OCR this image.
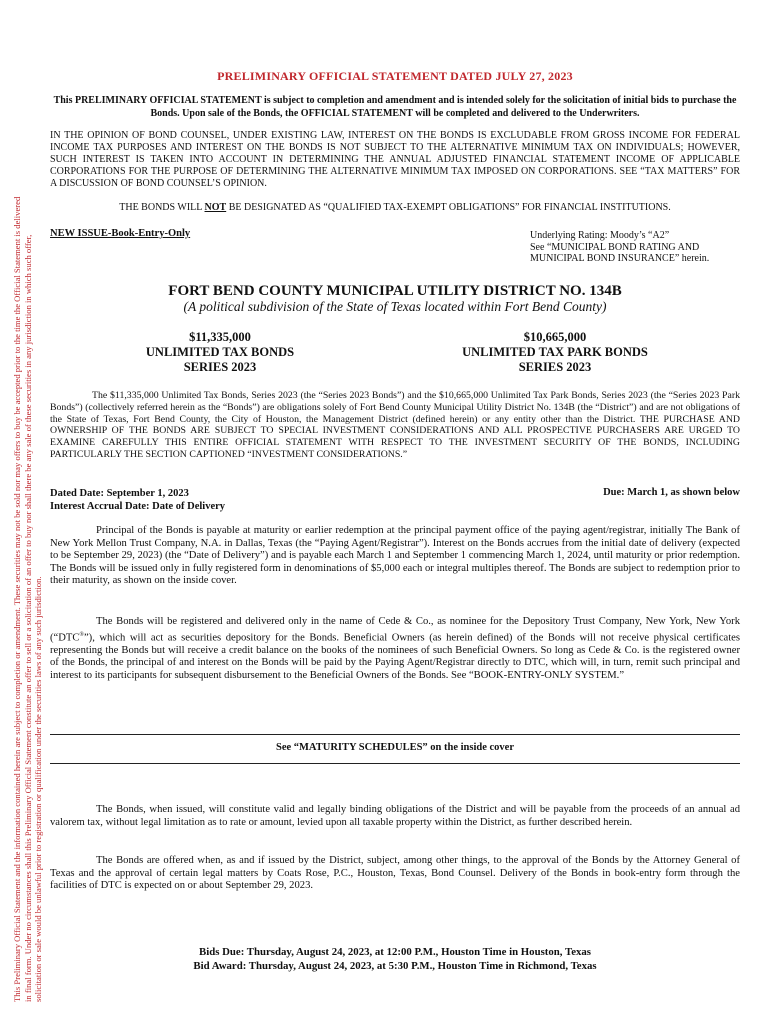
This Preliminary Official Statement and the information contained herein are subject to completion or amendment. These securities may not be sold nor may offers to buy be accepted prior to the time the Official Statement is delivered in final form. Under no circumstances shall this Preliminary Official Statement constitute an offer to sell or a solicitation of an offer to buy nor shall there be any sale of these securities in any jurisdiction in which such offer, solicitation or sale would be unlawful prior to registration or qualification under the securities laws of any such jurisdiction.
PRELIMINARY OFFICIAL STATEMENT DATED JULY 27, 2023
This PRELIMINARY OFFICIAL STATEMENT is subject to completion and amendment and is intended solely for the solicitation of initial bids to purchase the Bonds. Upon sale of the Bonds, the OFFICIAL STATEMENT will be completed and delivered to the Underwriters.
IN THE OPINION OF BOND COUNSEL, UNDER EXISTING LAW, INTEREST ON THE BONDS IS EXCLUDABLE FROM GROSS INCOME FOR FEDERAL INCOME TAX PURPOSES AND INTEREST ON THE BONDS IS NOT SUBJECT TO THE ALTERNATIVE MINIMUM TAX ON INDIVIDUALS; HOWEVER, SUCH INTEREST IS TAKEN INTO ACCOUNT IN DETERMINING THE ANNUAL ADJUSTED FINANCIAL STATEMENT INCOME OF APPLICABLE CORPORATIONS FOR THE PURPOSE OF DETERMINING THE ALTERNATIVE MINIMUM TAX IMPOSED ON CORPORATIONS. SEE “TAX MATTERS” FOR A DISCUSSION OF BOND COUNSEL’S OPINION.
THE BONDS WILL NOT BE DESIGNATED AS “QUALIFIED TAX-EXEMPT OBLIGATIONS” FOR FINANCIAL INSTITUTIONS.
NEW ISSUE-Book-Entry-Only	Underlying Rating: Moody’s “A2”
See “MUNICIPAL BOND RATING AND
MUNICIPAL BOND INSURANCE” herein.
FORT BEND COUNTY MUNICIPAL UTILITY DISTRICT NO. 134B
(A political subdivision of the State of Texas located within Fort Bend County)
$11,335,000
UNLIMITED TAX BONDS
SERIES 2023
$10,665,000
UNLIMITED TAX PARK BONDS
SERIES 2023
The $11,335,000 Unlimited Tax Bonds, Series 2023 (the “Series 2023 Bonds”) and the $10,665,000 Unlimited Tax Park Bonds, Series 2023 (the “Series 2023 Park Bonds”) (collectively referred herein as the “Bonds”) are obligations solely of Fort Bend County Municipal Utility District No. 134B (the “District”) and are not obligations of the State of Texas, Fort Bend County, the City of Houston, the Management District (defined herein) or any entity other than the District. THE PURCHASE AND OWNERSHIP OF THE BONDS ARE SUBJECT TO SPECIAL INVESTMENT CONSIDERATIONS AND ALL PROSPECTIVE PURCHASERS ARE URGED TO EXAMINE CAREFULLY THIS ENTIRE OFFICIAL STATEMENT WITH RESPECT TO THE INVESTMENT SECURITY OF THE BONDS, INCLUDING PARTICULARLY THE SECTION CAPTIONED “INVESTMENT CONSIDERATIONS.”
Dated Date: September 1, 2023
Interest Accrual Date: Date of Delivery
Due: March 1, as shown below

Principal of the Bonds is payable at maturity or earlier redemption at the principal payment office of the paying agent/registrar, initially The Bank of New York Mellon Trust Company, N.A. in Dallas, Texas (the “Paying Agent/Registrar”). Interest on the Bonds accrues from the initial date of delivery (expected to be September 29, 2023) (the “Date of Delivery”) and is payable each March 1 and September 1 commencing March 1, 2024, until maturity or prior redemption. The Bonds will be issued only in fully registered form in denominations of $5,000 each or integral multiples thereof. The Bonds are subject to redemption prior to their maturity, as shown on the inside cover.

The Bonds will be registered and delivered only in the name of Cede & Co., as nominee for the Depository Trust Company, New York, New York (“DTC®”), which will act as securities depository for the Bonds. Beneficial Owners (as herein defined) of the Bonds will not receive physical certificates representing the Bonds but will receive a credit balance on the books of the nominees of such Beneficial Owners. So long as Cede & Co. is the registered owner of the Bonds, the principal of and interest on the Bonds will be paid by the Paying Agent/Registrar directly to DTC, which will, in turn, remit such principal and interest to its participants for subsequent disbursement to the Beneficial Owners of the Bonds. See “BOOK-ENTRY-ONLY SYSTEM.”

See “MATURITY SCHEDULES” on the inside cover

The Bonds, when issued, will constitute valid and legally binding obligations of the District and will be payable from the proceeds of an annual ad valorem tax, without legal limitation as to rate or amount, levied upon all taxable property within the District, as further described herein.

The Bonds are offered when, as and if issued by the District, subject, among other things, to the approval of the Bonds by the Attorney General of Texas and the approval of certain legal matters by Coats Rose, P.C., Houston, Texas, Bond Counsel. Delivery of the Bonds in book-entry form through the facilities of DTC is expected on or about September 29, 2023.

Bids Due: Thursday, August 24, 2023, at 12:00 P.M., Houston Time in Houston, Texas
Bid Award: Thursday, August 24, 2023, at 5:30 P.M., Houston Time in Richmond, Texas
